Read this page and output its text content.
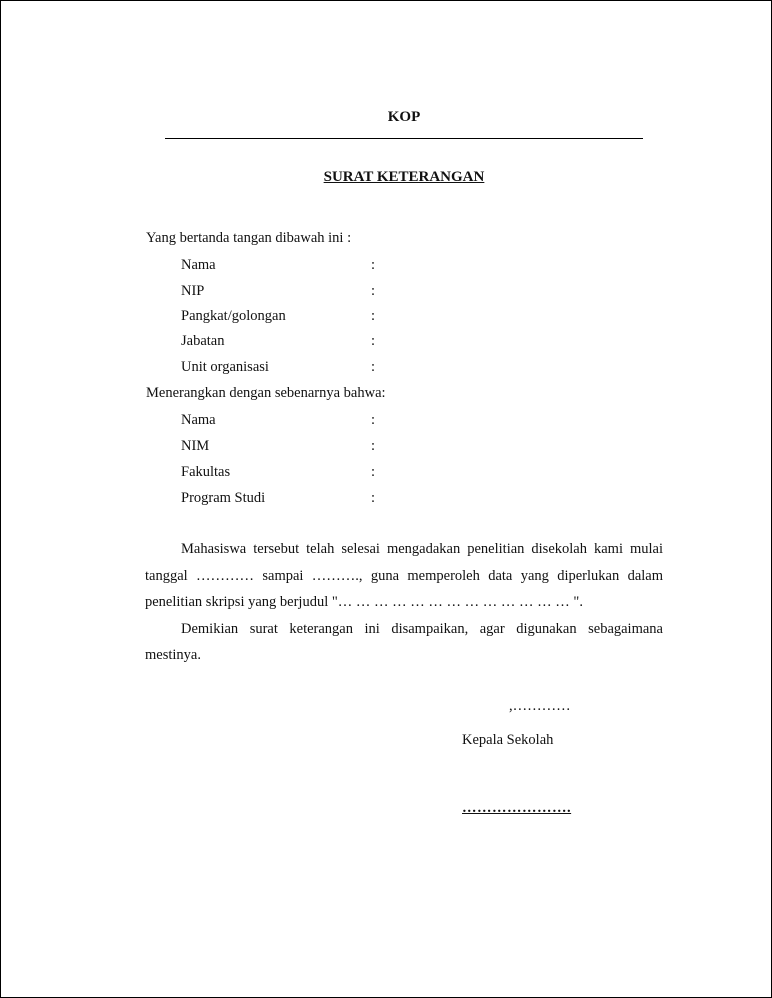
KOP
SURAT KETERANGAN
Yang bertanda tangan dibawah ini :
Nama	:
NIP	:
Pangkat/golongan	:
Jabatan	:
Unit organisasi	:
Menerangkan dengan sebenarnya bahwa:
Nama	:
NIM	:
Fakultas	:
Program Studi	:
Mahasiswa tersebut telah selesai mengadakan penelitian disekolah kami mulai
tanggal ………… sampai ………., guna memperoleh data yang diperlukan dalam
penelitian skripsi yang berjudul "… … … … … … … … … … … … … ".
Demikian surat keterangan ini disampaikan, agar digunakan sebagaimana
mestinya.
,…………
Kepala Sekolah
………………….
